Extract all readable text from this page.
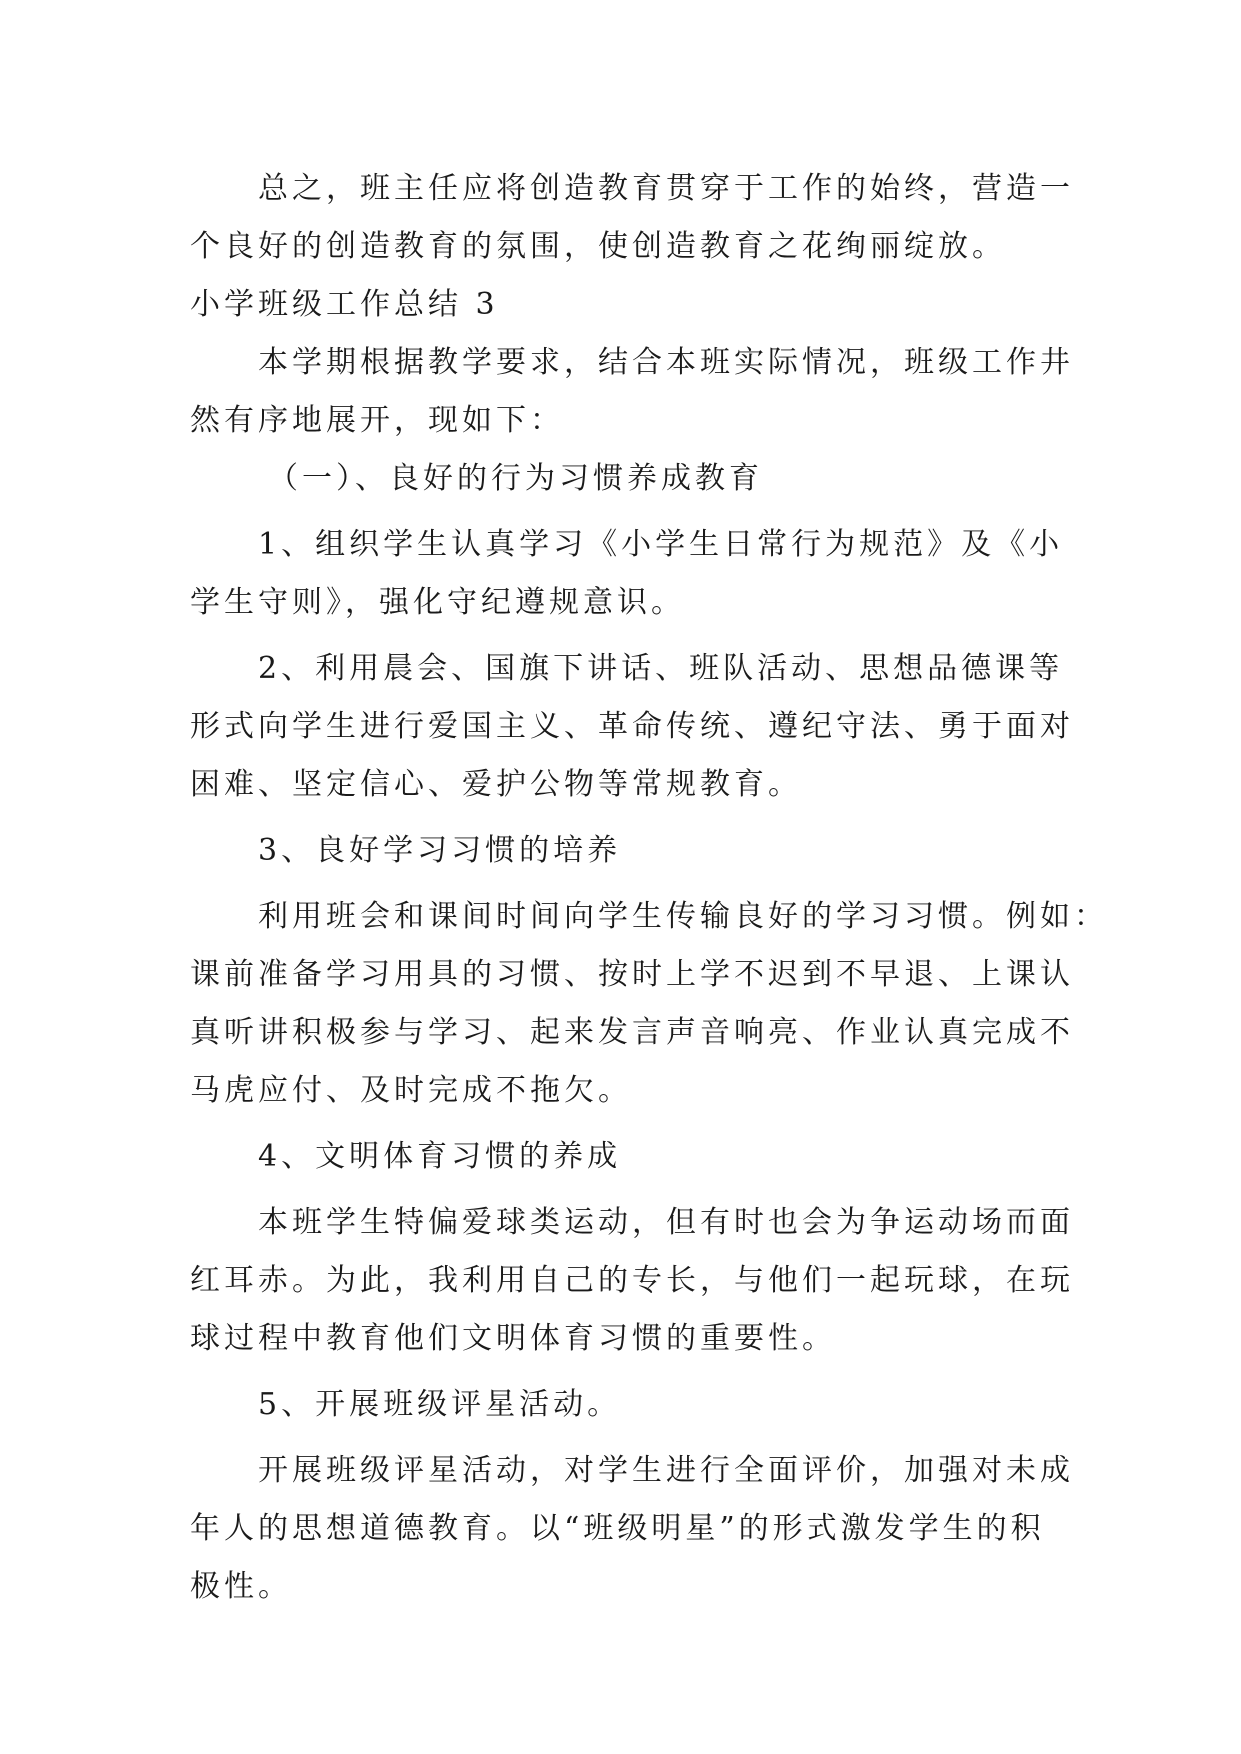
总之，班主任应将创造教育贯穿于工作的始终，营造一
个良好的创造教育的氛围，使创造教育之花绚丽绽放。
小学班级工作总结 3
本学期根据教学要求，结合本班实际情况，班级工作井
然有序地展开，现如下：
（一）、良好的行为习惯养成教育
1、组织学生认真学习《小学生日常行为规范》及《小
学生守则》，强化守纪遵规意识。
2、利用晨会、国旗下讲话、班队活动、思想品德课等
形式向学生进行爱国主义、革命传统、遵纪守法、勇于面对
困难、坚定信心、爱护公物等常规教育。
3、良好学习习惯的培养
利用班会和课间时间向学生传输良好的学习习惯。例如：
课前准备学习用具的习惯、按时上学不迟到不早退、上课认
真听讲积极参与学习、起来发言声音响亮、作业认真完成不
马虎应付、及时完成不拖欠。
4、文明体育习惯的养成
本班学生特偏爱球类运动，但有时也会为争运动场而面
红耳赤。为此，我利用自己的专长，与他们一起玩球，在玩
球过程中教育他们文明体育习惯的重要性。
5、开展班级评星活动。
开展班级评星活动，对学生进行全面评价，加强对未成
年人的思想道德教育。以“班级明星”的形式激发学生的积
极性。
